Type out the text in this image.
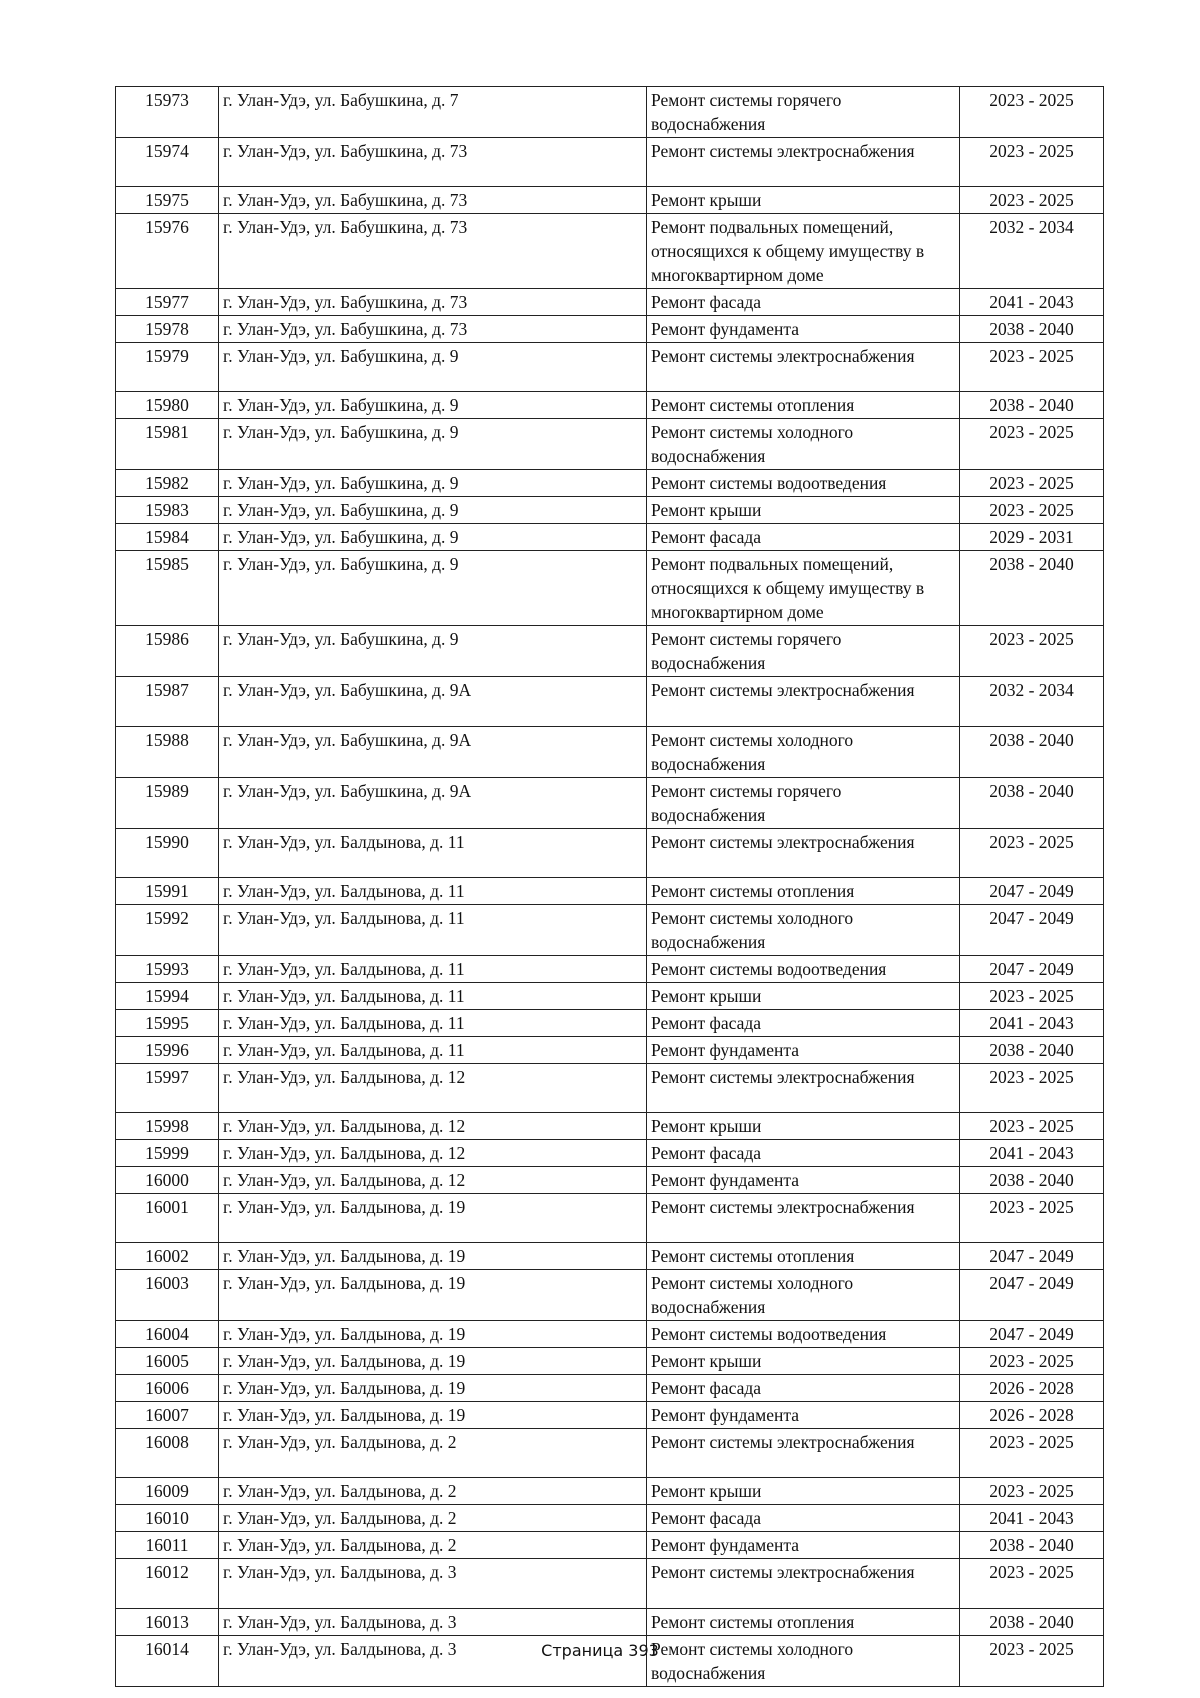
15973	г. Улан-Удэ, ул. Бабушкина, д. 7	Ремонт системы горячего водоснабжения	2023 - 2025
15974	г. Улан-Удэ, ул. Бабушкина, д. 73	Ремонт системы электроснабжения	2023 - 2025
15975	г. Улан-Удэ, ул. Бабушкина, д. 73	Ремонт крыши	2023 - 2025
15976	г. Улан-Удэ, ул. Бабушкина, д. 73	Ремонт подвальных помещений, относящихся к общему имуществу в многоквартирном доме	2032 - 2034
15977	г. Улан-Удэ, ул. Бабушкина, д. 73	Ремонт фасада	2041 - 2043
15978	г. Улан-Удэ, ул. Бабушкина, д. 73	Ремонт фундамента	2038 - 2040
15979	г. Улан-Удэ, ул. Бабушкина, д. 9	Ремонт системы электроснабжения	2023 - 2025
15980	г. Улан-Удэ, ул. Бабушкина, д. 9	Ремонт системы отопления	2038 - 2040
15981	г. Улан-Удэ, ул. Бабушкина, д. 9	Ремонт системы холодного водоснабжения	2023 - 2025
15982	г. Улан-Удэ, ул. Бабушкина, д. 9	Ремонт системы водоотведения	2023 - 2025
15983	г. Улан-Удэ, ул. Бабушкина, д. 9	Ремонт крыши	2023 - 2025
15984	г. Улан-Удэ, ул. Бабушкина, д. 9	Ремонт фасада	2029 - 2031
15985	г. Улан-Удэ, ул. Бабушкина, д. 9	Ремонт подвальных помещений, относящихся к общему имуществу в многоквартирном доме	2038 - 2040
15986	г. Улан-Удэ, ул. Бабушкина, д. 9	Ремонт системы горячего водоснабжения	2023 - 2025
15987	г. Улан-Удэ, ул. Бабушкина, д. 9А	Ремонт системы электроснабжения	2032 - 2034
15988	г. Улан-Удэ, ул. Бабушкина, д. 9А	Ремонт системы холодного водоснабжения	2038 - 2040
15989	г. Улан-Удэ, ул. Бабушкина, д. 9А	Ремонт системы горячего водоснабжения	2038 - 2040
15990	г. Улан-Удэ, ул. Балдынова, д. 11	Ремонт системы электроснабжения	2023 - 2025
15991	г. Улан-Удэ, ул. Балдынова, д. 11	Ремонт системы отопления	2047 - 2049
15992	г. Улан-Удэ, ул. Балдынова, д. 11	Ремонт системы холодного водоснабжения	2047 - 2049
15993	г. Улан-Удэ, ул. Балдынова, д. 11	Ремонт системы водоотведения	2047 - 2049
15994	г. Улан-Удэ, ул. Балдынова, д. 11	Ремонт крыши	2023 - 2025
15995	г. Улан-Удэ, ул. Балдынова, д. 11	Ремонт фасада	2041 - 2043
15996	г. Улан-Удэ, ул. Балдынова, д. 11	Ремонт фундамента	2038 - 2040
15997	г. Улан-Удэ, ул. Балдынова, д. 12	Ремонт системы электроснабжения	2023 - 2025
15998	г. Улан-Удэ, ул. Балдынова, д. 12	Ремонт крыши	2023 - 2025
15999	г. Улан-Удэ, ул. Балдынова, д. 12	Ремонт фасада	2041 - 2043
16000	г. Улан-Удэ, ул. Балдынова, д. 12	Ремонт фундамента	2038 - 2040
16001	г. Улан-Удэ, ул. Балдынова, д. 19	Ремонт системы электроснабжения	2023 - 2025
16002	г. Улан-Удэ, ул. Балдынова, д. 19	Ремонт системы отопления	2047 - 2049
16003	г. Улан-Удэ, ул. Балдынова, д. 19	Ремонт системы холодного водоснабжения	2047 - 2049
16004	г. Улан-Удэ, ул. Балдынова, д. 19	Ремонт системы водоотведения	2047 - 2049
16005	г. Улан-Удэ, ул. Балдынова, д. 19	Ремонт крыши	2023 - 2025
16006	г. Улан-Удэ, ул. Балдынова, д. 19	Ремонт фасада	2026 - 2028
16007	г. Улан-Удэ, ул. Балдынова, д. 19	Ремонт фундамента	2026 - 2028
16008	г. Улан-Удэ, ул. Балдынова, д. 2	Ремонт системы электроснабжения	2023 - 2025
16009	г. Улан-Удэ, ул. Балдынова, д. 2	Ремонт крыши	2023 - 2025
16010	г. Улан-Удэ, ул. Балдынова, д. 2	Ремонт фасада	2041 - 2043
16011	г. Улан-Удэ, ул. Балдынова, д. 2	Ремонт фундамента	2038 - 2040
16012	г. Улан-Удэ, ул. Балдынова, д. 3	Ремонт системы электроснабжения	2023 - 2025
16013	г. Улан-Удэ, ул. Балдынова, д. 3	Ремонт системы отопления	2038 - 2040
16014	г. Улан-Удэ, ул. Балдынова, д. 3	Ремонт системы холодного водоснабжения	2023 - 2025
Страница 393
